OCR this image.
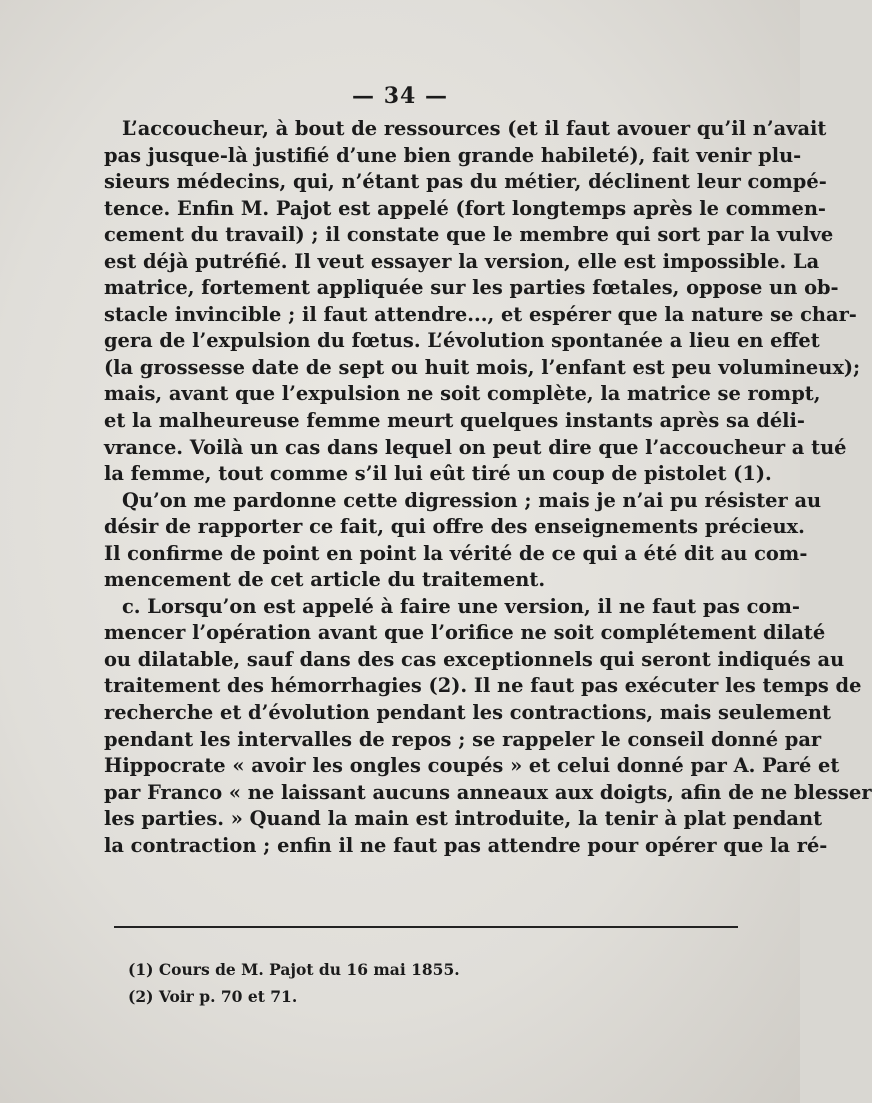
— 34 —
L’accoucheur, à bout de ressources (et il faut avouer qu’il n’avait
pas jusque-là justifié d’une bien grande habileté), fait venir plu-
sieurs médecins, qui, n’étant pas du métier, déclinent leur compé-
tence. Enfin M. Pajot est appelé (fort longtemps après le commen-
cement du travail) ; il constate que le membre qui sort par la vulve
est déjà putréfié. Il veut essayer la version, elle est impossible. La
matrice, fortement appliquée sur les parties fœtales, oppose un ob-
stacle invincible ; il faut attendre..., et espérer que la nature se char-
gera de l’expulsion du fœtus. L’évolution spontanée a lieu en effet
(la grossesse date de sept ou huit mois, l’enfant est peu volumineux);
mais, avant que l’expulsion ne soit complète, la matrice se rompt,
et la malheureuse femme meurt quelques instants après sa déli-
vrance. Voilà un cas dans lequel on peut dire que l’accoucheur a tué
la femme, tout comme s’il lui eût tiré un coup de pistolet (1).
Qu’on me pardonne cette digression ; mais je n’ai pu résister au
désir de rapporter ce fait, qui offre des enseignements précieux.
Il confirme de point en point la vérité de ce qui a été dit au com-
mencement de cet article du traitement.
c. Lorsqu’on est appelé à faire une version, il ne faut pas com-
mencer l’opération avant que l’orifice ne soit complétement dilaté
ou dilatable, sauf dans des cas exceptionnels qui seront indiqués au
traitement des hémorrhagies (2). Il ne faut pas exécuter les temps de
recherche et d’évolution pendant les contractions, mais seulement
pendant les intervalles de repos ; se rappeler le conseil donné par
Hippocrate « avoir les ongles coupés » et celui donné par A. Paré et
par Franco « ne laissant aucuns anneaux aux doigts, afin de ne blesser
les parties. » Quand la main est introduite, la tenir à plat pendant
la contraction ; enfin il ne faut pas attendre pour opérer que la ré-
(1) Cours de M. Pajot du 16 mai 1855.
(2) Voir p. 70 et 71.
